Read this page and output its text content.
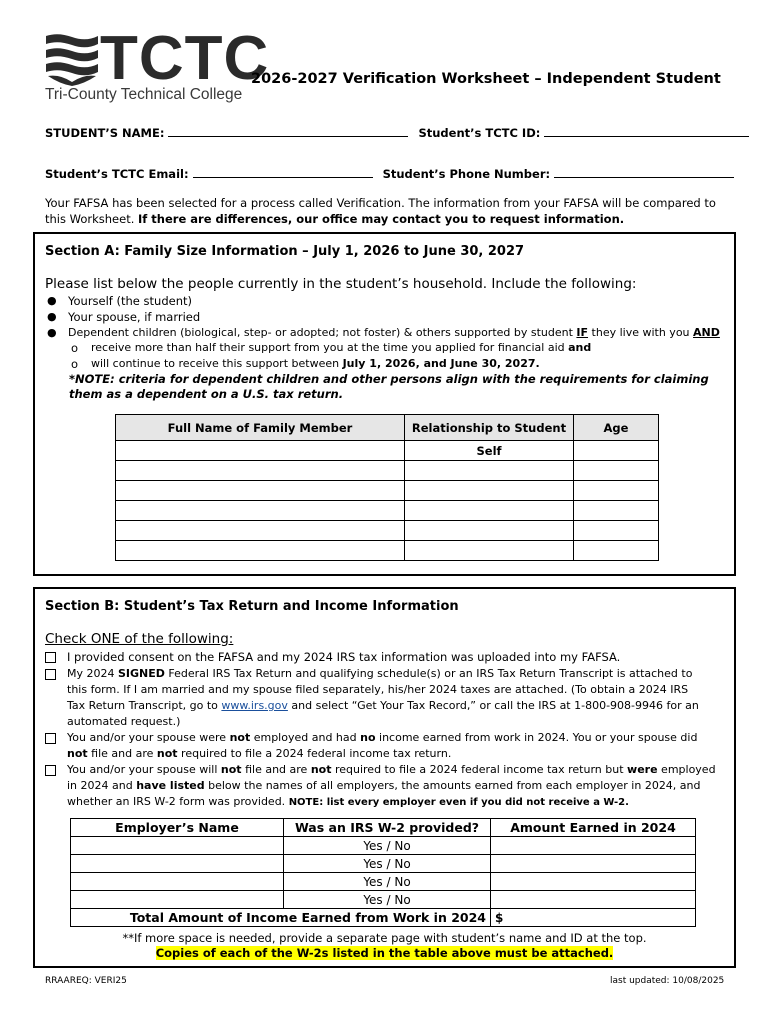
TCTC
Tri-County Technical College
2026-2027 Verification Worksheet – Independent Student
STUDENT’S NAME:	Student’s TCTC ID:
Student’s TCTC Email:	Student’s Phone Number:
Your FAFSA has been selected for a process called Verification. The information from your FAFSA will be compared to this Worksheet. If there are differences, our office may contact you to request information.
Section A: Family Size Information – July 1, 2026 to June 30, 2027
Please list below the people currently in the student’s household. Include the following:
● Yourself (the student)
● Your spouse, if married
● Dependent children (biological, step- or adopted; not foster) & others supported by student IF they live with you AND
o receive more than half their support from you at the time you applied for financial aid and
o will continue to receive this support between July 1, 2026, and June 30, 2027.
*NOTE: criteria for dependent children and other persons align with the requirements for claiming them as a dependent on a U.S. tax return.
Full Name of Family Member	Relationship to Student	Age
	Self	

Section B: Student’s Tax Return and Income Information
Check ONE of the following:
I provided consent on the FAFSA and my 2024 IRS tax information was uploaded into my FAFSA.
My 2024 SIGNED Federal IRS Tax Return and qualifying schedule(s) or an IRS Tax Return Transcript is attached to
this form. If I am married and my spouse filed separately, his/her 2024 taxes are attached. (To obtain a 2024 IRS
Tax Return Transcript, go to www.irs.gov and select “Get Your Tax Record,” or call the IRS at 1-800-908-9946 for an
automated request.)
You and/or your spouse were not employed and had no income earned from work in 2024. You or your spouse did
not file and are not required to file a 2024 federal income tax return.
You and/or your spouse will not file and are not required to file a 2024 federal income tax return but were employed
in 2024 and have listed below the names of all employers, the amounts earned from each employer in 2024, and
whether an IRS W-2 form was provided. NOTE: list every employer even if you did not receive a W-2.
Employer’s Name	Was an IRS W-2 provided?	Amount Earned in 2024
	Yes / No	
	Yes / No	
	Yes / No	
	Yes / No	
Total Amount of Income Earned from Work in 2024		$
**If more space is needed, provide a separate page with student’s name and ID at the top.
Copies of each of the W-2s listed in the table above must be attached.
RRAAREQ: VERI25	last updated: 10/08/2025
